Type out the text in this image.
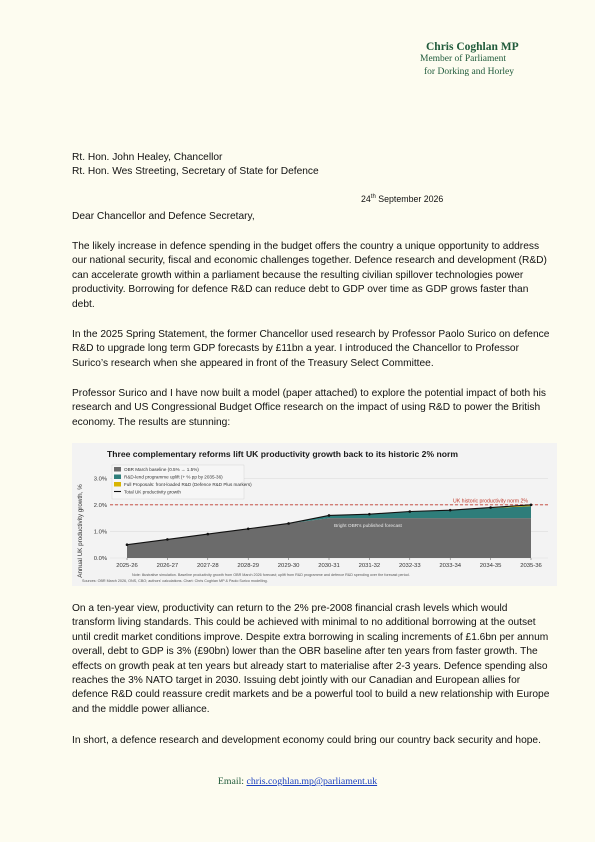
Chris Coghlan MP
Member of Parliament
for Dorking and Horley
Rt. Hon. John Healey, Chancellor
Rt. Hon. Wes Streeting, Secretary of State for Defence
24th September 2026
Dear Chancellor and Defence Secretary,

The likely increase in defence spending in the budget offers the country a unique opportunity to address our national security, fiscal and economic challenges together. Defence research and development (R&D) can accelerate growth within a parliament because the resulting civilian spillover technologies power productivity. Borrowing for defence R&D can reduce debt to GDP over time as GDP grows faster than debt.

In the 2025 Spring Statement, the former Chancellor used research by Professor Paolo Surico on defence R&D to upgrade long term GDP forecasts by £11bn a year. I introduced the Chancellor to Professor Surico’s research when she appeared in front of the Treasury Select Committee.

Professor Surico and I have now built a model (paper attached) to explore the potential impact of both his research and US Congressional Budget Office research on the impact of using R&D to power the British economy. The results are stunning:

Three complementary reforms lift UK productivity growth back to its historic 2% norm
Annual UK productivity growth, % 0.0%
1.0%
2.0%
3.0%
UK historic productivity norm 2%
2025-26	2026-27	2027-28	2028-29	2029-30	2030-31	2031-32	2032-33	2033-34	2034-35	2035-36
Bright OBR's published forecast
OBR March baseline (0.5% → 1.5%)
R&D-lend programme uplift (+ % pp by 2035-36)
Full Proposals: front-loaded R&D (Defence R&D Plus markers)
Total UK productivity growth
Note: illustrative simulation. Baseline productivity growth from OBR March 2026 forecast; uplift from R&D programme and defence R&D spending over the forecast period.
Sources: OBR March 2026, ONS, CBO; authors' calculations. Chart: Chris Coghlan MP & Paolo Surico modelling.

On a ten-year view, productivity can return to the 2% pre-2008 financial crash levels which would transform living standards. This could be achieved with minimal to no additional borrowing at the outset until credit market conditions improve. Despite extra borrowing in scaling increments of £1.6bn per annum overall, debt to GDP is 3% (£90bn) lower than the OBR baseline after ten years from faster growth. The effects on growth peak at ten years but already start to materialise after 2-3 years. Defence spending also reaches the 3% NATO target in 2030. Issuing debt jointly with our Canadian and European allies for defence R&D could reassure credit markets and be a powerful tool to build a new relationship with Europe and the middle power alliance.

In short, a defence research and development economy could bring our country back security and hope.

Email: chris.coghlan.mp@parliament.uk
